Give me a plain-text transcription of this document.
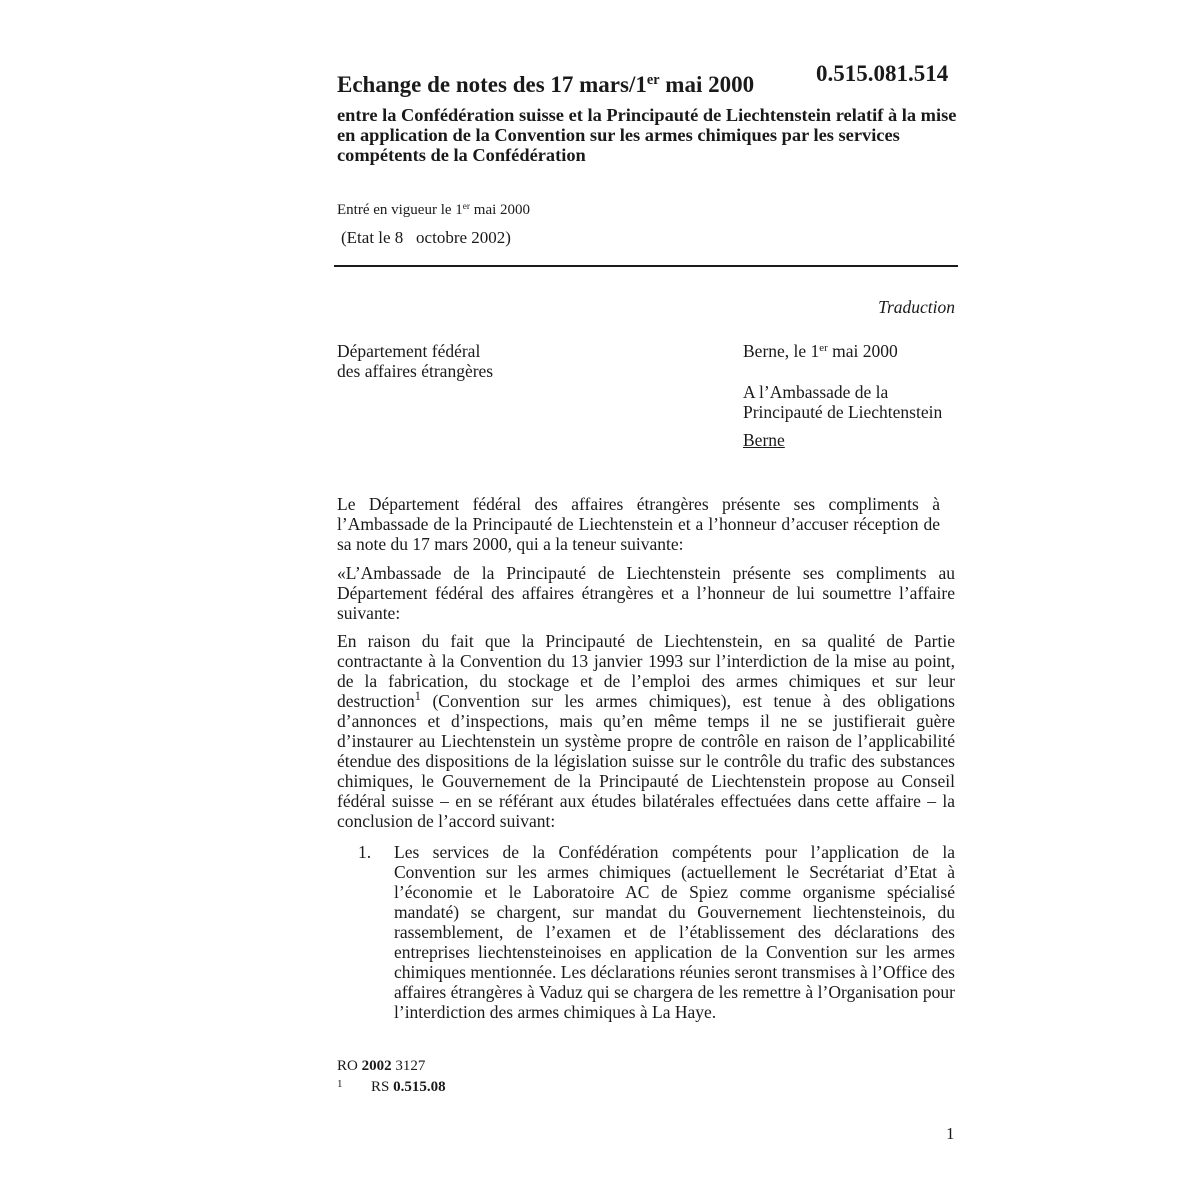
Echange de notes des 17 mars/1er mai 2000	0.515.081.514
entre la Confédération suisse et la Principauté de Liechtenstein relatif à la mise en application de la Convention sur les armes chimiques par les services compétents de la Confédération
Entré en vigueur le 1er mai 2000
(Etat le 8   octobre 2002)
Traduction
Département fédéral
des affaires étrangères
Berne, le 1er mai 2000
A l’Ambassade de la
Principauté de Liechtenstein
Berne
Le Département fédéral des affaires étrangères présente ses compliments à l’Ambassade de la Principauté de Liechtenstein et a l’honneur d’accuser réception de sa note du 17 mars 2000, qui a la teneur suivante:
«L’Ambassade de la Principauté de Liechtenstein présente ses compliments au Département fédéral des affaires étrangères et a l’honneur de lui soumettre l’affaire suivante:
En raison du fait que la Principauté de Liechtenstein, en sa qualité de Partie contractante à la Convention du 13 janvier 1993 sur l’interdiction de la mise au point, de la fabrication, du stockage et de l’emploi des armes chimiques et sur leur destruction$^1$ (Convention sur les armes chimiques), est tenue à des obligations d’annonces et d’inspections, mais qu’en même temps il ne se justifierait guère d’instaurer au Liechtenstein un système propre de contrôle en raison de l’applicabilité étendue des dispositions de la législation suisse sur le contrôle du trafic des substances chimiques, le Gouvernement de la Principauté de Liechtenstein propose au Conseil fédéral suisse – en se référant aux études bilatérales effectuées dans cette affaire – la conclusion de l’accord suivant:
1. Les services de la Confédération compétents pour l’application de la Convention sur les armes chimiques (actuellement le Secrétariat d’Etat à l’économie et le Laboratoire AC de Spiez comme organisme spécialisé mandaté) se chargent, sur mandat du Gouvernement liechtensteinois, du rassemblement, de l’examen et de l’établissement des déclarations des entreprises liechtensteinoises en application de la Convention sur les armes chimiques mentionnée. Les déclarations réunies seront transmises à l’Office des affaires étrangères à Vaduz qui se chargera de les remettre à l’Organisation pour l’interdiction des armes chimiques à La Haye.
RO 2002 3127
$^1$ RS 0.515.08
1
